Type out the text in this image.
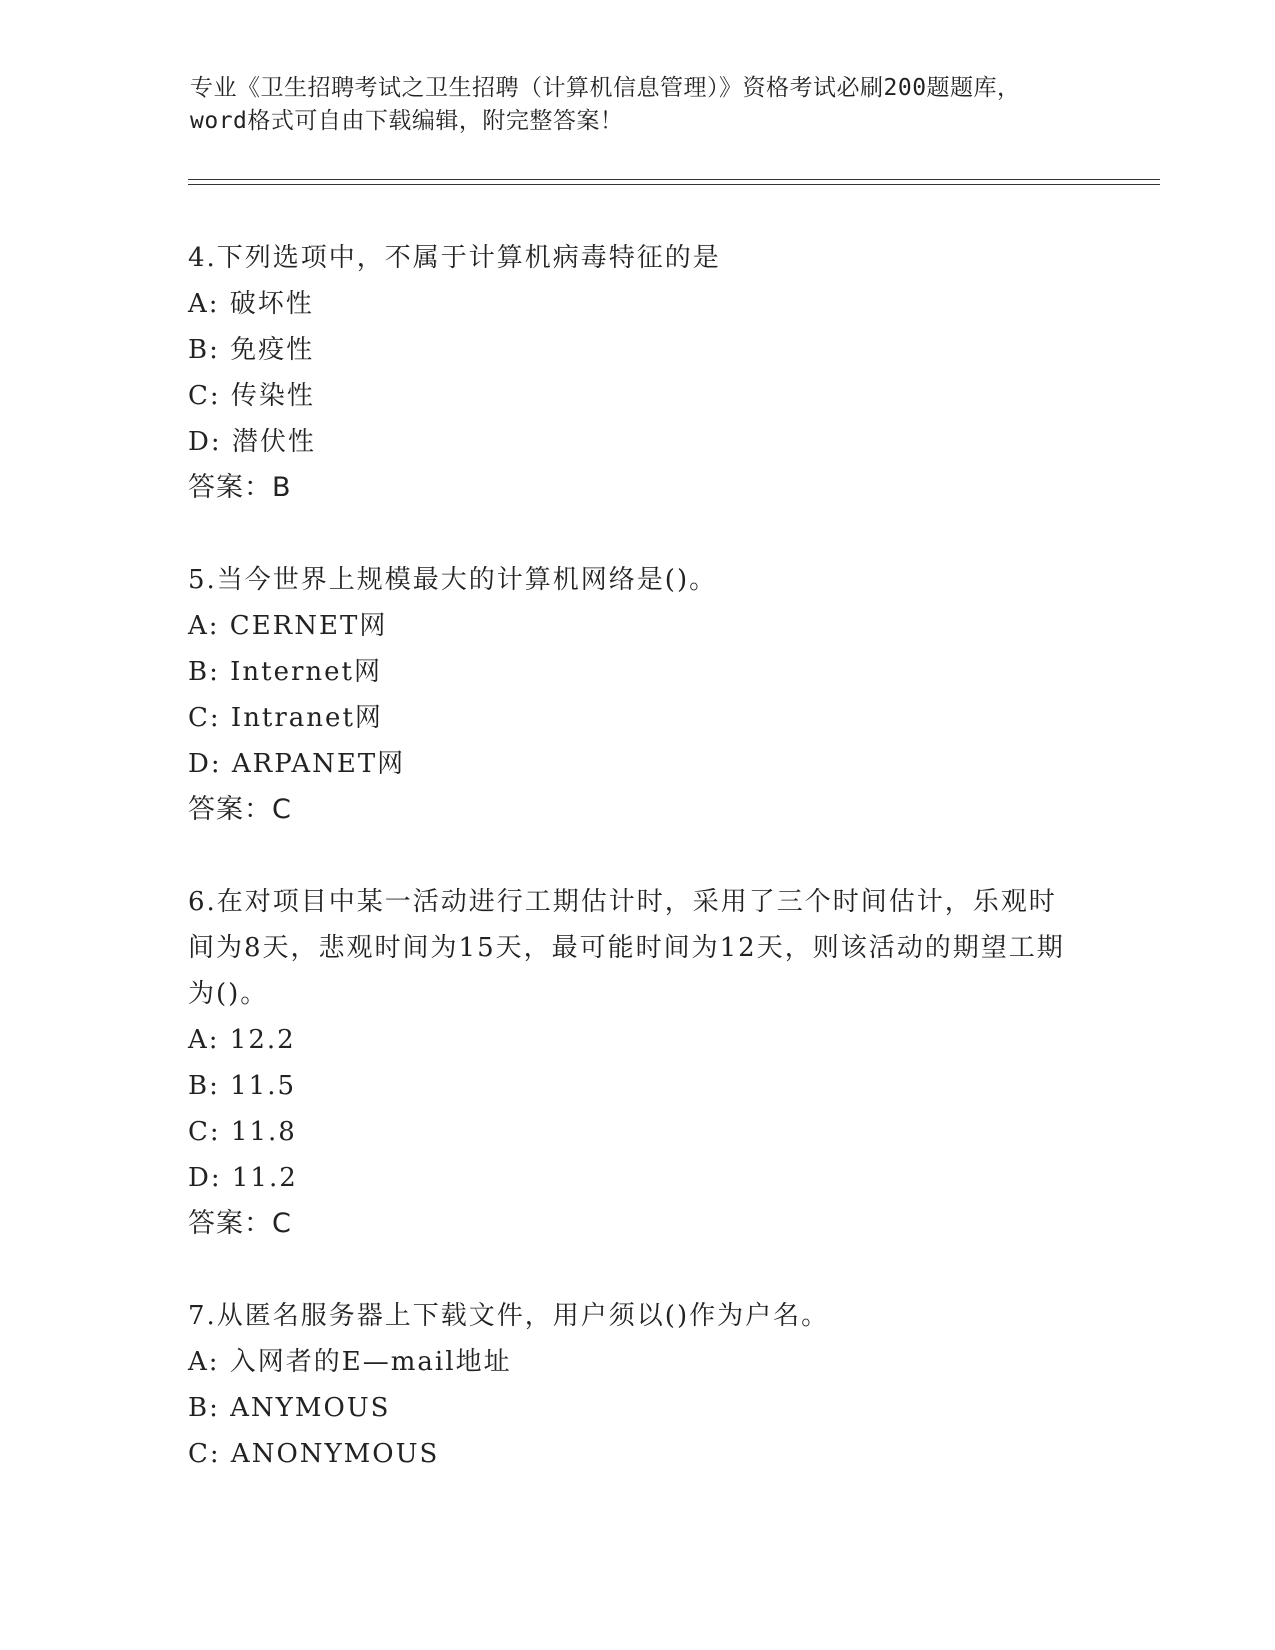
专业《卫生招聘考试之卫生招聘（计算机信息管理）》资格考试必刷200题题库，
word格式可自由下载编辑，附完整答案！
4.下列选项中，不属于计算机病毒特征的是
A: 破坏性
B: 免疫性
C: 传染性
D: 潜伏性
答案：B
5.当今世界上规模最大的计算机网络是()。
A: CERNET网
B: Internet网
C: Intranet网
D: ARPANET网
答案：C
6.在对项目中某一活动进行工期估计时，采用了三个时间估计，乐观时间为8天，悲观时间为15天，最可能时间为12天，则该活动的期望工期为()。
A: 12.2
B: 11.5
C: 11.8
D: 11.2
答案：C
7.从匿名服务器上下载文件，用户须以()作为户名。
A: 入网者的E—mail地址
B: ANYMOUS
C: ANONYMOUS
